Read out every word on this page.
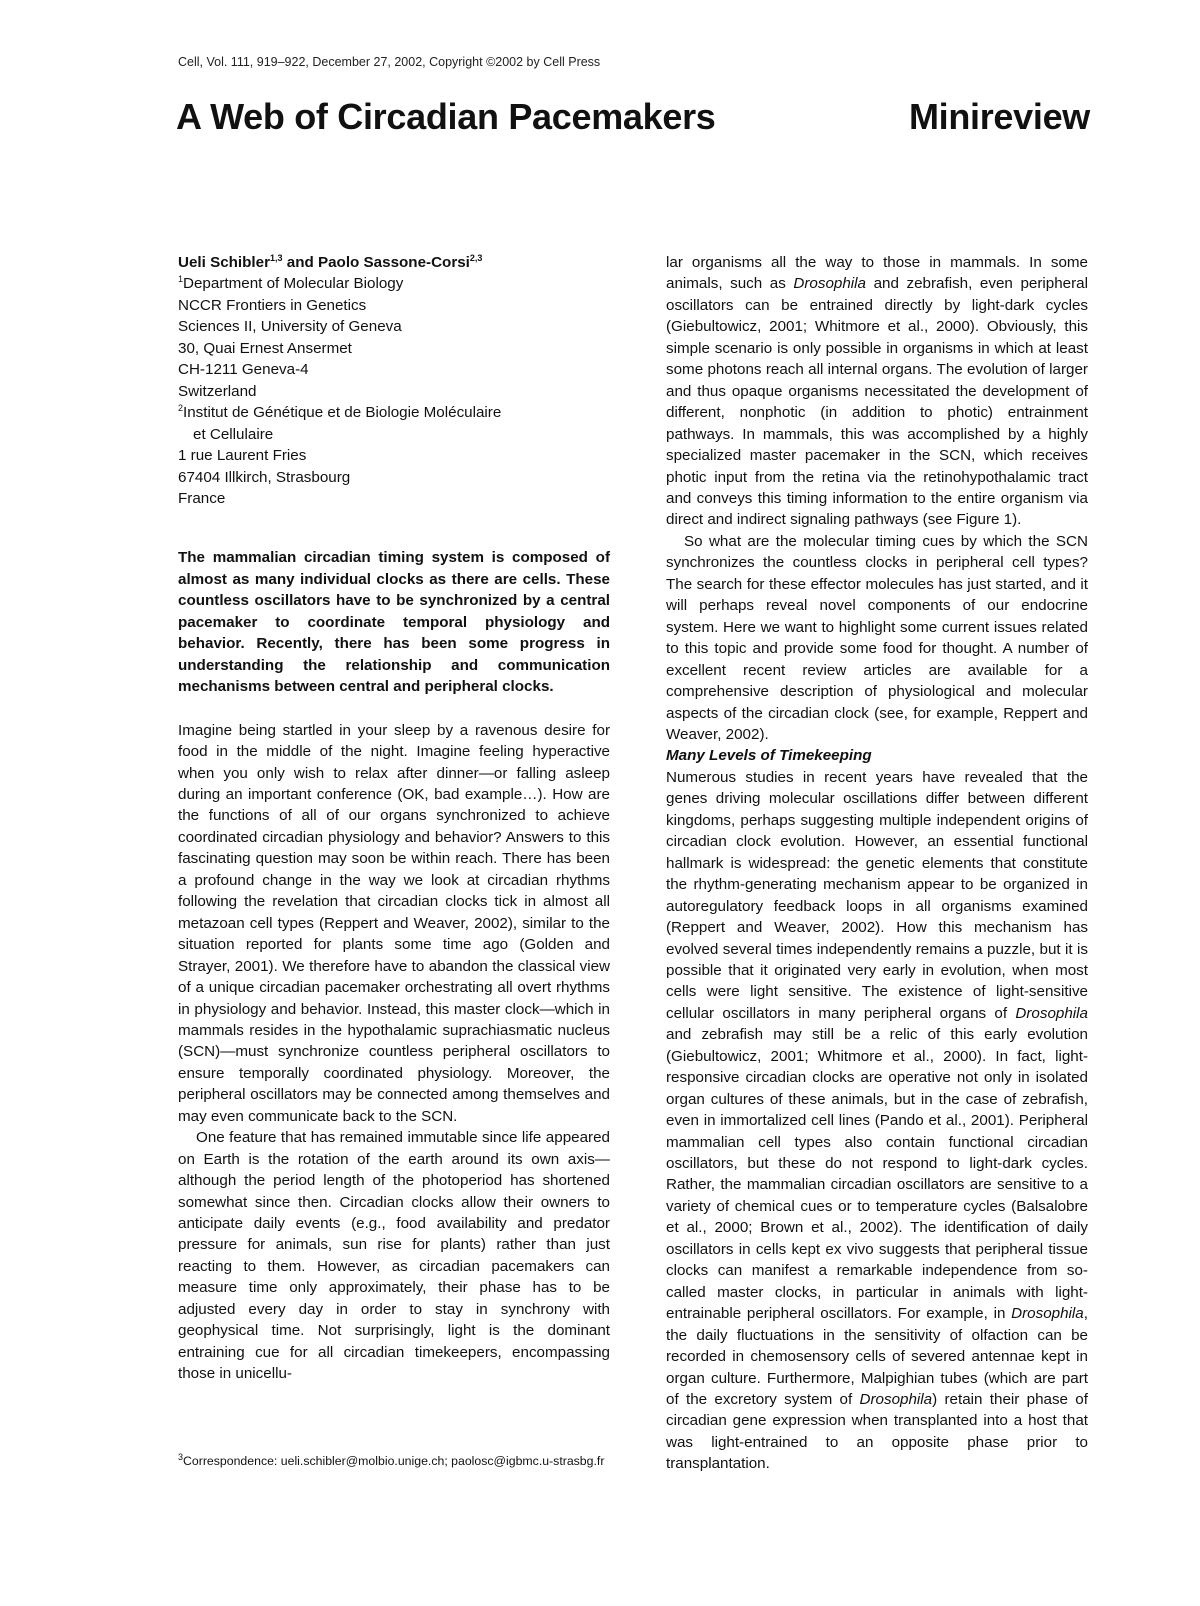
Cell, Vol. 111, 919–922, December 27, 2002, Copyright ©2002 by Cell Press
A Web of Circadian Pacemakers	Minireview
Ueli Schibler$^{1,3}$ and Paolo Sassone-Corsi$^{2,3}$
$^1$Department of Molecular Biology
NCCR Frontiers in Genetics
Sciences II, University of Geneva
30, Quai Ernest Ansermet
CH-1211 Geneva-4
Switzerland
$^2$Institut de Génétique et de Biologie Moléculaire
et Cellulaire
1 rue Laurent Fries
67404 Illkirch, Strasbourg
France

The mammalian circadian timing system is composed of almost as many individual clocks as there are cells. These countless oscillators have to be synchronized by a central pacemaker to coordinate temporal physiology and behavior. Recently, there has been some progress in understanding the relationship and communication mechanisms between central and peripheral clocks.

Imagine being startled in your sleep by a ravenous desire for food in the middle of the night. Imagine feeling hyperactive when you only wish to relax after dinner—or falling asleep during an important conference (OK, bad example…). How are the functions of all of our organs synchronized to achieve coordinated circadian physiology and behavior? Answers to this fascinating question may soon be within reach. There has been a profound change in the way we look at circadian rhythms following the revelation that circadian clocks tick in almost all metazoan cell types (Reppert and Weaver, 2002), similar to the situation reported for plants some time ago (Golden and Strayer, 2001). We therefore have to abandon the classical view of a unique circadian pacemaker orchestrating all overt rhythms in physiology and behavior. Instead, this master clock—which in mammals resides in the hypothalamic suprachiasmatic nucleus (SCN)—must synchronize countless peripheral oscillators to ensure temporally coordinated physiology. Moreover, the peripheral oscillators may be connected among themselves and may even communicate back to the SCN.

One feature that has remained immutable since life appeared on Earth is the rotation of the earth around its own axis—although the period length of the photoperiod has shortened somewhat since then. Circadian clocks allow their owners to anticipate daily events (e.g., food availability and predator pressure for animals, sun rise for plants) rather than just reacting to them. However, as circadian pacemakers can measure time only approximately, their phase has to be adjusted every day in order to stay in synchrony with geophysical time. Not surprisingly, light is the dominant entraining cue for all circadian timekeepers, encompassing those in unicellu-

$^3$Correspondence: ueli.schibler@molbio.unige.ch; paolosc@igbmc.u-strasbg.fr

lar organisms all the way to those in mammals. In some animals, such as Drosophila and zebrafish, even peripheral oscillators can be entrained directly by light-dark cycles (Giebultowicz, 2001; Whitmore et al., 2000). Obviously, this simple scenario is only possible in organisms in which at least some photons reach all internal organs. The evolution of larger and thus opaque organisms necessitated the development of different, nonphotic (in addition to photic) entrainment pathways. In mammals, this was accomplished by a highly specialized master pacemaker in the SCN, which receives photic input from the retina via the retinohypothalamic tract and conveys this timing information to the entire organism via direct and indirect signaling pathways (see Figure 1).

So what are the molecular timing cues by which the SCN synchronizes the countless clocks in peripheral cell types? The search for these effector molecules has just started, and it will perhaps reveal novel components of our endocrine system. Here we want to highlight some current issues related to this topic and provide some food for thought. A number of excellent recent review articles are available for a comprehensive description of physiological and molecular aspects of the circadian clock (see, for example, Reppert and Weaver, 2002).

Many Levels of Timekeeping

Numerous studies in recent years have revealed that the genes driving molecular oscillations differ between different kingdoms, perhaps suggesting multiple independent origins of circadian clock evolution. However, an essential functional hallmark is widespread: the genetic elements that constitute the rhythm-generating mechanism appear to be organized in autoregulatory feedback loops in all organisms examined (Reppert and Weaver, 2002). How this mechanism has evolved several times independently remains a puzzle, but it is possible that it originated very early in evolution, when most cells were light sensitive. The existence of light-sensitive cellular oscillators in many peripheral organs of Drosophila and zebrafish may still be a relic of this early evolution (Giebultowicz, 2001; Whitmore et al., 2000). In fact, light-responsive circadian clocks are operative not only in isolated organ cultures of these animals, but in the case of zebrafish, even in immortalized cell lines (Pando et al., 2001). Peripheral mammalian cell types also contain functional circadian oscillators, but these do not respond to light-dark cycles. Rather, the mammalian circadian oscillators are sensitive to a variety of chemical cues or to temperature cycles (Balsalobre et al., 2000; Brown et al., 2002). The identification of daily oscillators in cells kept ex vivo suggests that peripheral tissue clocks can manifest a remarkable independence from so-called master clocks, in particular in animals with light-entrainable peripheral oscillators. For example, in Drosophila, the daily fluctuations in the sensitivity of olfaction can be recorded in chemosensory cells of severed antennae kept in organ culture. Furthermore, Malpighian tubes (which are part of the excretory system of Drosophila) retain their phase of circadian gene expression when transplanted into a host that was light-entrained to an opposite phase prior to transplantation.
